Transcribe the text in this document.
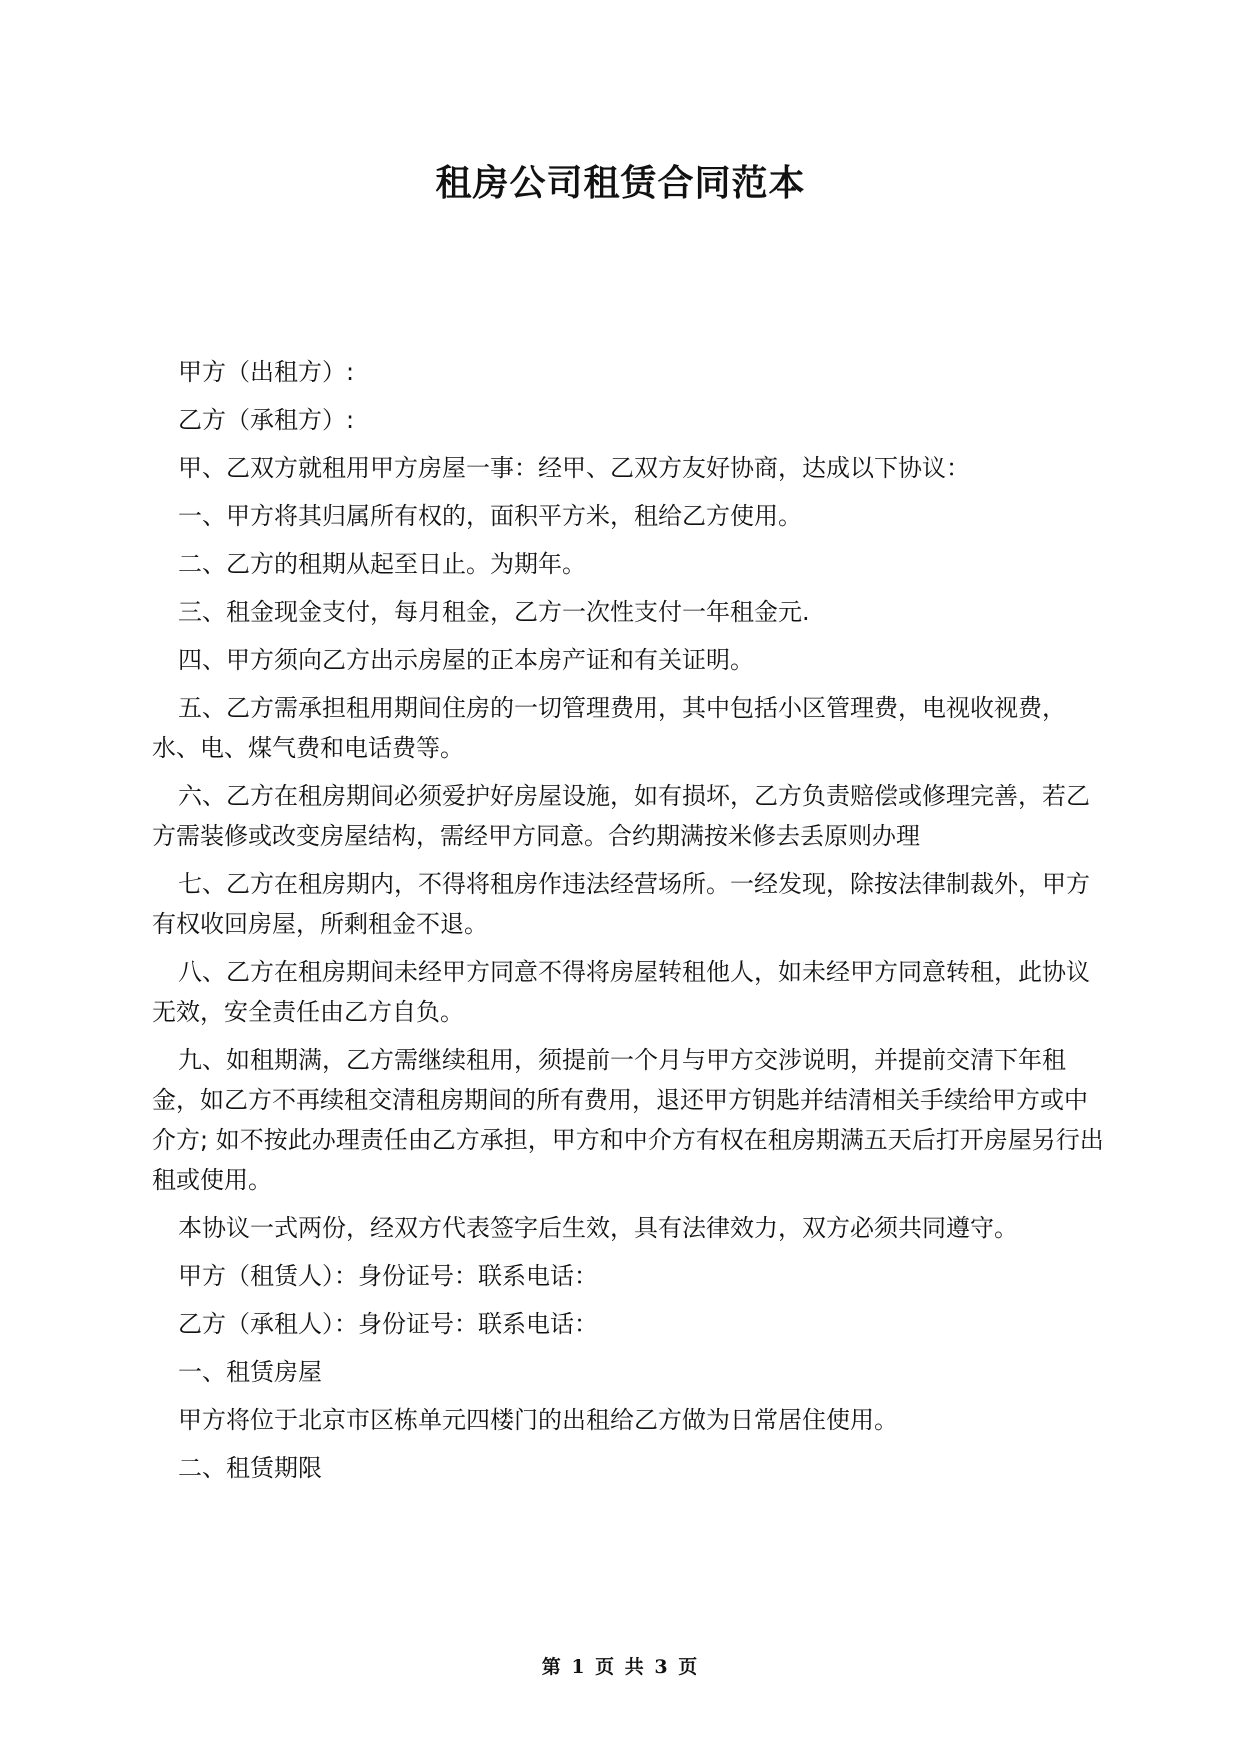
租房公司租赁合同范本

甲方（出租方）:

乙方（承租方）:

甲、乙双方就租用甲方房屋一事：经甲、乙双方友好协商，达成以下协议：

一、甲方将其归属所有权的，面积平方米，租给乙方使用。

二、乙方的租期从起至日止。为期年。

三、租金现金支付，每月租金，乙方一次性支付一年租金元.

四、甲方须向乙方出示房屋的正本房产证和有关证明。

五、乙方需承担租用期间住房的一切管理费用，其中包括小区管理费，电视收视费，水、电、煤气费和电话费等。

六、乙方在租房期间必须爱护好房屋设施，如有损坏，乙方负责赔偿或修理完善，若乙方需装修或改变房屋结构，需经甲方同意。合约期满按米修去丢原则办理

七、乙方在租房期内，不得将租房作违法经营场所。一经发现，除按法律制裁外，甲方有权收回房屋，所剩租金不退。

八、乙方在租房期间未经甲方同意不得将房屋转租他人，如未经甲方同意转租，此协议无效，安全责任由乙方自负。

九、如租期满，乙方需继续租用，须提前一个月与甲方交涉说明，并提前交清下年租金，如乙方不再续租交清租房期间的所有费用，退还甲方钥匙并结清相关手续给甲方或中介方; 如不按此办理责任由乙方承担，甲方和中介方有权在租房期满五天后打开房屋另行出租或使用。

本协议一式两份，经双方代表签字后生效，具有法律效力，双方必须共同遵守。

甲方（租赁人）：身份证号：联系电话：

乙方（承租人）：身份证号：联系电话：

一、租赁房屋

甲方将位于北京市区栋单元四楼门的出租给乙方做为日常居住使用。

二、租赁期限

第 1 页 共 3 页
